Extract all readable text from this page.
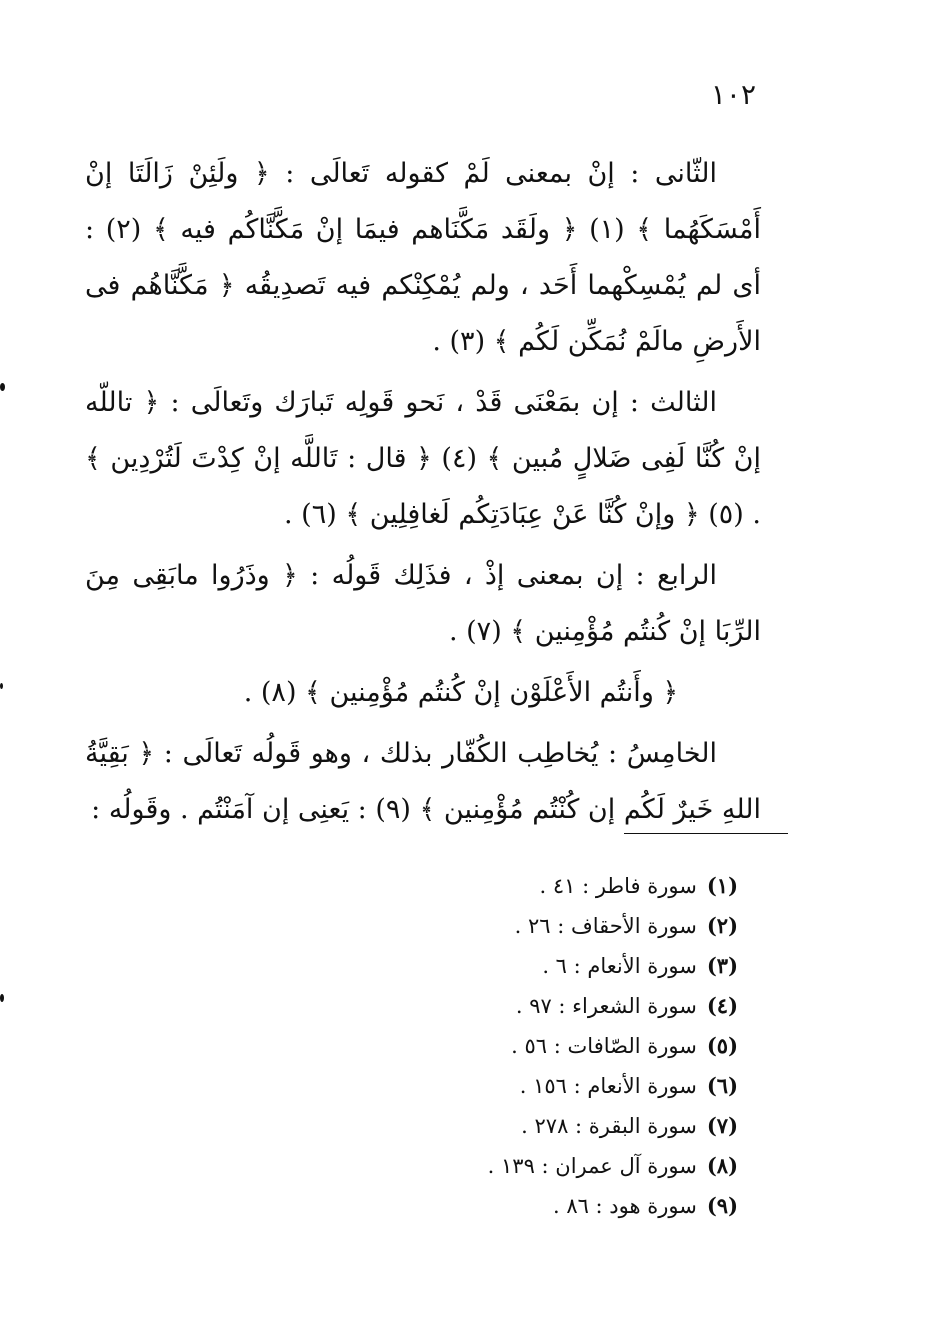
١٠٢

الثّانى : إنْ بمعنى لَمْ كقوله تَعالَى : ﴿ ولَئِنْ زَالَتَا إنْ أَمْسَكَهُما ﴾ (١) ﴿ ولَقَد مَكَّنَاهم فيمَا إنْ مَكَّنَّاكُم فيه ﴾ (٢) : أى لم يُمْسِكْهما أَحَد ، ولم يُمْكِنْكم فيه تَصدِيقُه ﴿ مَكَّنَّاهُم فى الأَرضِ مالَمْ نُمَكِّن لَكُم ﴾ (٣) .

الثالث : إن بمَعْنَى قَدْ ، نَحو قَولِه تَبارَك وتَعالَى : ﴿ تاللّه إنْ كُنَّا لَفِى ضَلالٍ مُبين ﴾ (٤) ﴿ قال : تَاللَّه إنْ كِدْتَ لَتُرْدِين ﴾ . (٥) ﴿ وإنْ كُنَّا عَنْ عِبَادَتِكُم لَغافِلِين ﴾ (٦) .

الرابع : إن بمعنى إذْ ، فذَلِك قَولُه : ﴿ وذَرُوا مابَقِى مِنَ الرِّبَا إنْ كُنتُم مُؤْمِنين ﴾ (٧) .

﴿ وأَنتُم الأَعْلَوْن إنْ كُنتُم مُؤْمِنين ﴾ (٨) .

الخامِسُ : يُخاطِب الكُفّار بذلك ، وهو قَولُه تَعالَى : ﴿ بَقِيَّةُ اللهِ خَيرٌ لَكُم إن كُنْتُم مُؤْمِنين ﴾ (٩) : يَعنِى إن آمَنْتُم . وقَولُه :

(١)سورة فاطر : ٤١ .
(٢)سورة الأحقاف : ٢٦ .
(٣)سورة الأنعام : ٦ .
(٤)سورة الشعراء : ٩٧ .
(٥)سورة الصّافات : ٥٦ .
(٦)سورة الأنعام : ١٥٦ .
(٧)سورة البقرة : ٢٧٨ .
(٨)سورة آل عمران : ١٣٩ .
(٩)سورة هود : ٨٦ .
